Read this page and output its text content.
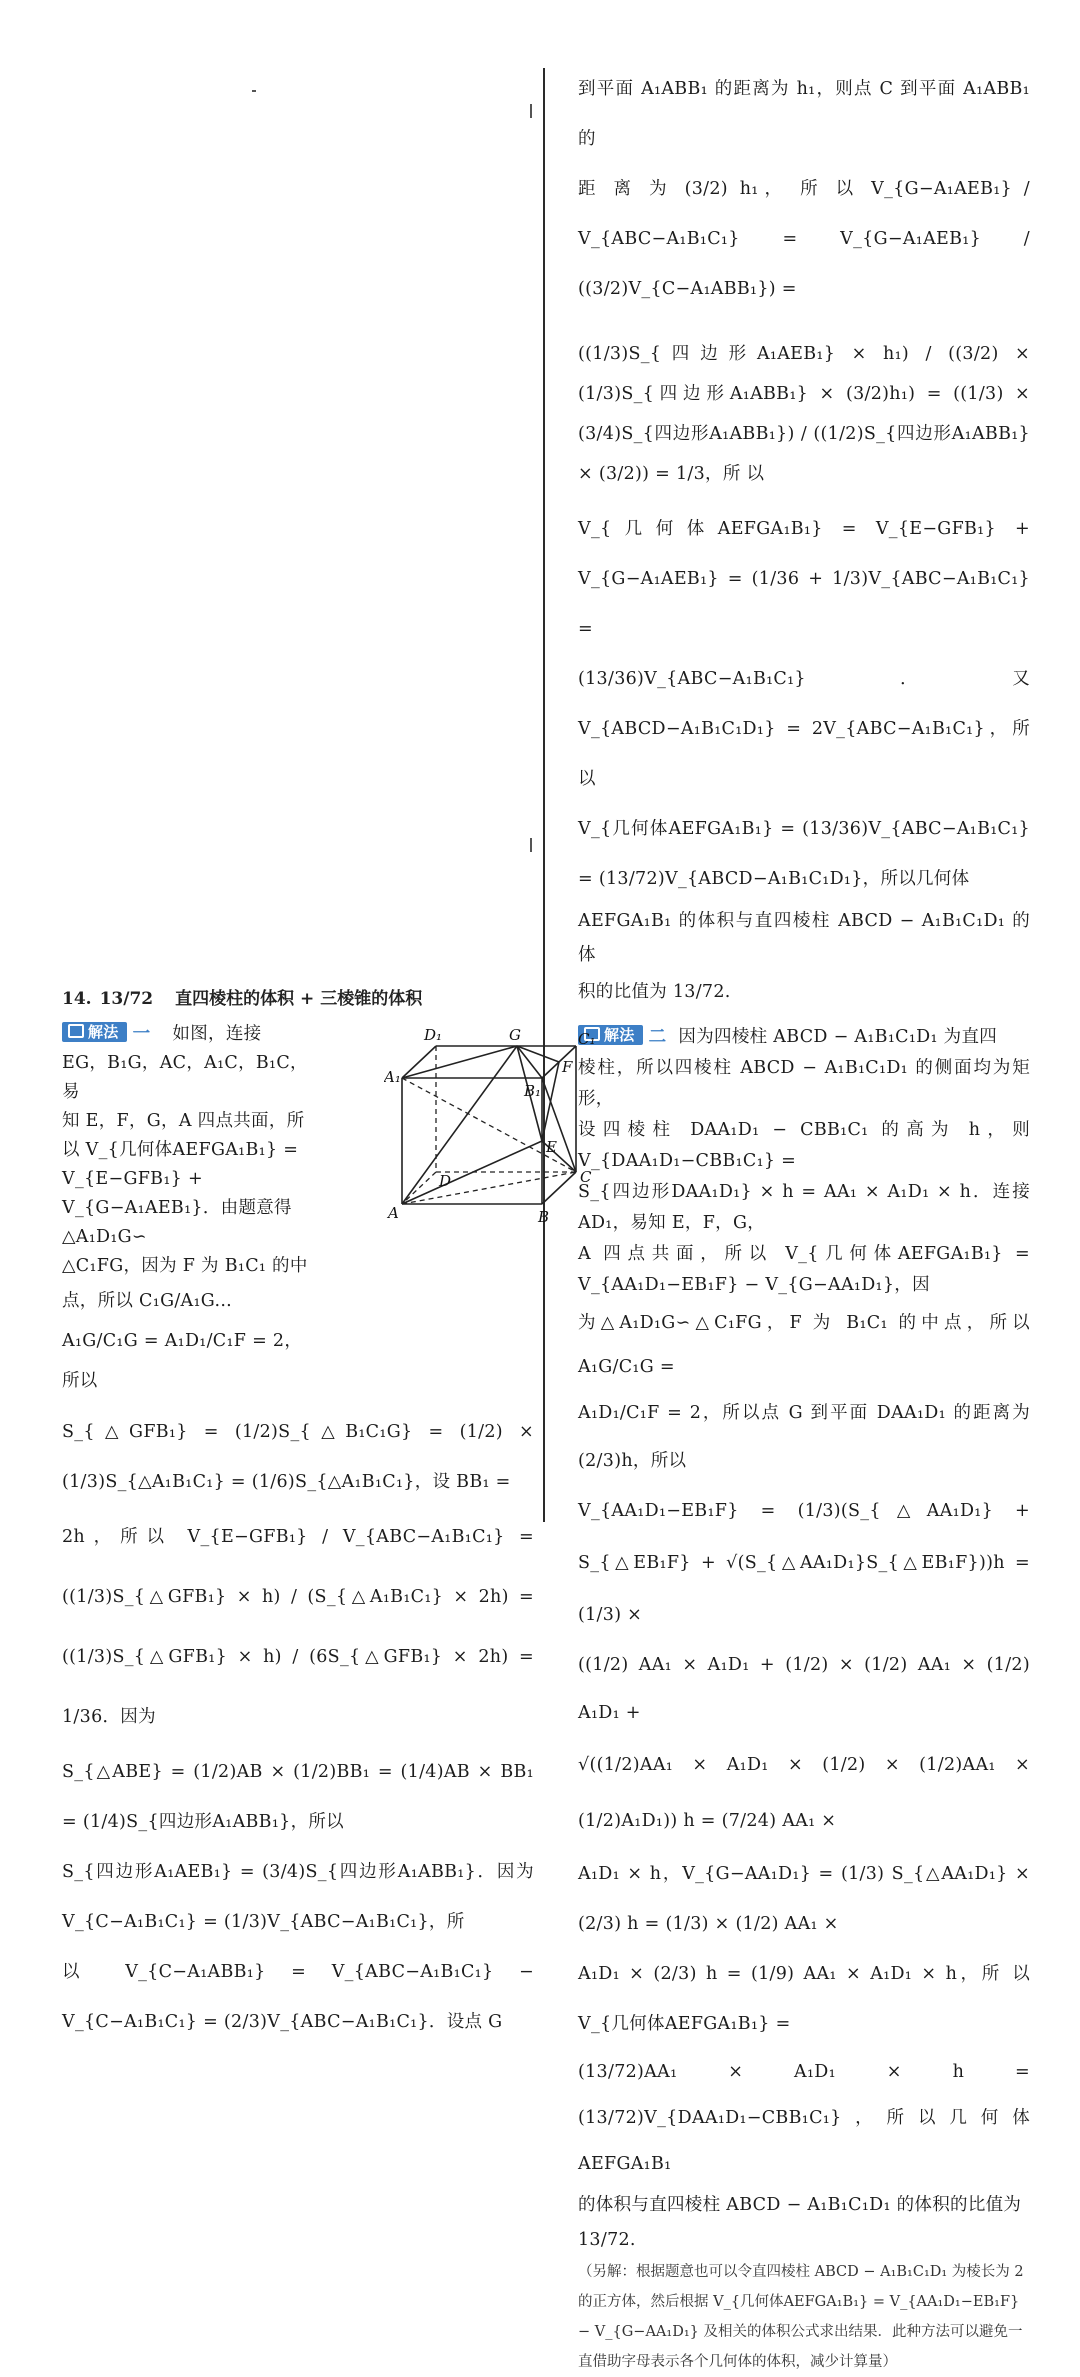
到平面 A₁ABB₁ 的距离为 h₁，则点 C 到平面 A₁ABB₁ 的

距 离 为 (3/2) h₁， 所 以 V_{G−A₁AEB₁} / V_{ABC−A₁B₁C₁} = V_{G−A₁AEB₁} / ((3/2)V_{C−A₁ABB₁}) =

((1/3)S_{四边形A₁AEB₁} × h₁) / ((3/2) × (1/3)S_{四边形A₁ABB₁} × (3/2)h₁) = ((1/3) × (3/4)S_{四边形A₁ABB₁}) / ((1/2)S_{四边形A₁ABB₁} × (3/2)) = 1/3，所 以

V_{几何体AEFGA₁B₁} = V_{E−GFB₁} + V_{G−A₁AEB₁} = (1/36 + 1/3)V_{ABC−A₁B₁C₁} =

(13/36)V_{ABC−A₁B₁C₁}．又 V_{ABCD−A₁B₁C₁D₁} = 2V_{ABC−A₁B₁C₁}，所 以

V_{几何体AEFGA₁B₁} = (13/36)V_{ABC−A₁B₁C₁} = (13/72)V_{ABCD−A₁B₁C₁D₁}，所以几何体

AEFGA₁B₁ 的体积与直四棱柱 ABCD − A₁B₁C₁D₁ 的体

积的比值为 13/72.

解法 二 因为四棱柱 ABCD − A₁B₁C₁D₁ 为直四

棱柱，所以四棱柱 ABCD − A₁B₁C₁D₁ 的侧面均为矩形，

设四棱柱 DAA₁D₁ − CBB₁C₁ 的高为 h，则 V_{DAA₁D₁−CBB₁C₁} =

S_{四边形DAA₁D₁} × h = AA₁ × A₁D₁ × h．连接 AD₁，易知 E，F，G，

A 四点共面，所以 V_{几何体AEFGA₁B₁} = V_{AA₁D₁−EB₁F} − V_{G−AA₁D₁}，因

为△A₁D₁G∽△C₁FG，F 为 B₁C₁ 的中点，所以 A₁G/C₁G =

A₁D₁/C₁F = 2，所以点 G 到平面 DAA₁D₁ 的距离为 (2/3)h，所以

V_{AA₁D₁−EB₁F} = (1/3)(S_{△AA₁D₁} + S_{△EB₁F} + √(S_{△AA₁D₁}S_{△EB₁F}))h = (1/3) ×

((1/2) AA₁ × A₁D₁ + (1/2) × (1/2) AA₁ × (1/2) A₁D₁ +

√((1/2)AA₁ × A₁D₁ × (1/2) × (1/2)AA₁ × (1/2)A₁D₁)) h = (7/24) AA₁ ×

A₁D₁ × h，V_{G−AA₁D₁} = (1/3) S_{△AA₁D₁} × (2/3) h = (1/3) × (1/2) AA₁ ×

A₁D₁ × (2/3) h = (1/9) AA₁ × A₁D₁ × h，所 以 V_{几何体AEFGA₁B₁} =

(13/72)AA₁ × A₁D₁ × h = (13/72)V_{DAA₁D₁−CBB₁C₁}，所以几何体 AEFGA₁B₁

的体积与直四棱柱 ABCD − A₁B₁C₁D₁ 的体积的比值为

13/72.

（另解：根据题意也可以令直四棱柱 ABCD − A₁B₁C₁D₁ 为棱长为 2 的正方体，然后根据 V_{几何体AEFGA₁B₁} = V_{AA₁D₁−EB₁F} − V_{G−AA₁D₁} 及相关的体积公式求出结果．此种方法可以避免一直借助字母表示各个几何体的体积，减少计算量）

14. 13/72 直四棱柱的体积 + 三棱锥的体积

解法 一 如图，连接

EG，B₁G，AC，A₁C，B₁C，易

知 E，F，G，A 四点共面，所

以 V_{几何体AEFGA₁B₁} = V_{E−GFB₁} +

V_{G−A₁AEB₁}．由题意得△A₁D₁G∽

△C₁FG，因为 F 为 B₁C₁ 的中

点，所以 C₁G/A₁G... A₁G/C₁G = A₁D₁/C₁F = 2，所以

D₁	G	C₁
A₁
B₁
F
E
D	C
A	B

S_{△GFB₁} = (1/2)S_{△B₁C₁G} = (1/2) × (1/3)S_{△A₁B₁C₁} = (1/6)S_{△A₁B₁C₁}，设 BB₁ =

2h，所以 V_{E−GFB₁} / V_{ABC−A₁B₁C₁} = ((1/3)S_{△GFB₁} × h) / (S_{△A₁B₁C₁} × 2h) = ((1/3)S_{△GFB₁} × h) / (6S_{△GFB₁} × 2h) = 1/36．因为

S_{△ABE} = (1/2)AB × (1/2)BB₁ = (1/4)AB × BB₁ = (1/4)S_{四边形A₁ABB₁}，所以

S_{四边形A₁AEB₁} = (3/4)S_{四边形A₁ABB₁}．因为 V_{C−A₁B₁C₁} = (1/3)V_{ABC−A₁B₁C₁}，所

以 V_{C−A₁ABB₁} = V_{ABC−A₁B₁C₁} − V_{C−A₁B₁C₁} = (2/3)V_{ABC−A₁B₁C₁}．设点 G
